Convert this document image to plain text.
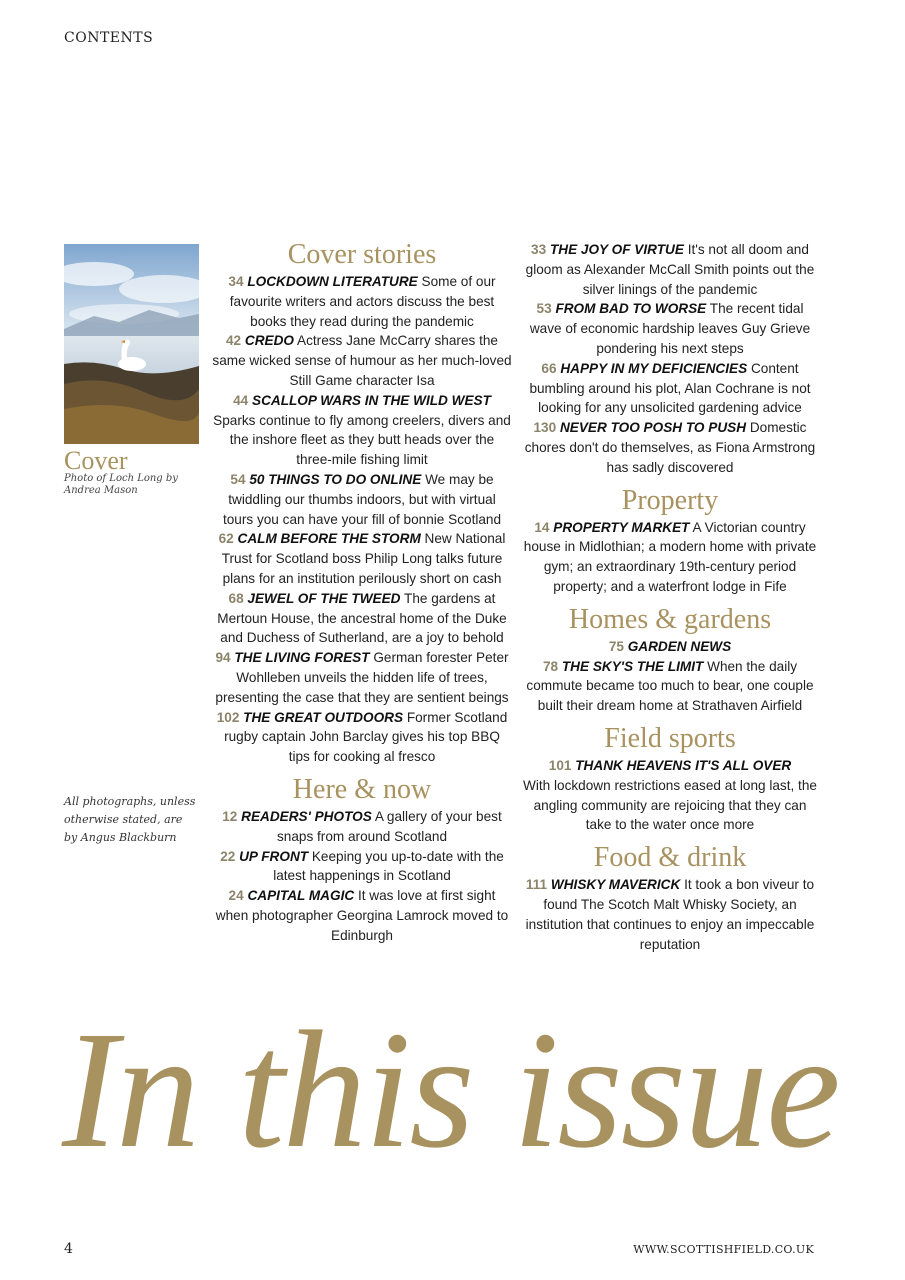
CONTENTS
Cover
Photo of Loch Long by Andrea Mason
All photographs, unless otherwise stated, are by Angus Blackburn
Cover stories

34 LOCKDOWN LITERATURE Some of our favourite writers and actors discuss the best books they read during the pandemic

42 CREDO Actress Jane McCarry shares the same wicked sense of humour as her much-loved Still Game character Isa

44 SCALLOP WARS IN THE WILD WEST Sparks continue to fly among creelers, divers and the inshore fleet as they butt heads over the three-mile fishing limit

54 50 THINGS TO DO ONLINE We may be twiddling our thumbs indoors, but with virtual tours you can have your fill of bonnie Scotland

62 CALM BEFORE THE STORM New National Trust for Scotland boss Philip Long talks future plans for an institution perilously short on cash

68 JEWEL OF THE TWEED The gardens at Mertoun House, the ancestral home of the Duke and Duchess of Sutherland, are a joy to behold

94 THE LIVING FOREST German forester Peter Wohlleben unveils the hidden life of trees, presenting the case that they are sentient beings

102 THE GREAT OUTDOORS Former Scotland rugby captain John Barclay gives his top BBQ tips for cooking al fresco

Here & now

12 READERS' PHOTOS A gallery of your best snaps from around Scotland

22 UP FRONT Keeping you up-to-date with the latest happenings in Scotland

24 CAPITAL MAGIC It was love at first sight when photographer Georgina Lamrock moved to Edinburgh

33 THE JOY OF VIRTUE It's not all doom and gloom as Alexander McCall Smith points out the silver linings of the pandemic

53 FROM BAD TO WORSE The recent tidal wave of economic hardship leaves Guy Grieve pondering his next steps

66 HAPPY IN MY DEFICIENCIES Content bumbling around his plot, Alan Cochrane is not looking for any unsolicited gardening advice

130 NEVER TOO POSH TO PUSH Domestic chores don't do themselves, as Fiona Armstrong has sadly discovered

Property

14 PROPERTY MARKET A Victorian country house in Midlothian; a modern home with private gym; an extraordinary 19th-century period property; and a waterfront lodge in Fife

Homes & gardens

75 GARDEN NEWS

78 THE SKY'S THE LIMIT When the daily commute became too much to bear, one couple built their dream home at Strathaven Airfield

Field sports

101 THANK HEAVENS IT'S ALL OVER
With lockdown restrictions eased at long last, the angling community are rejoicing that they can take to the water once more

Food & drink

111 WHISKY MAVERICK It took a bon viveur to found The Scotch Malt Whisky Society, an institution that continues to enjoy an impeccable reputation

In this issue
4	WWW.SCOTTISHFIELD.CO.UK
